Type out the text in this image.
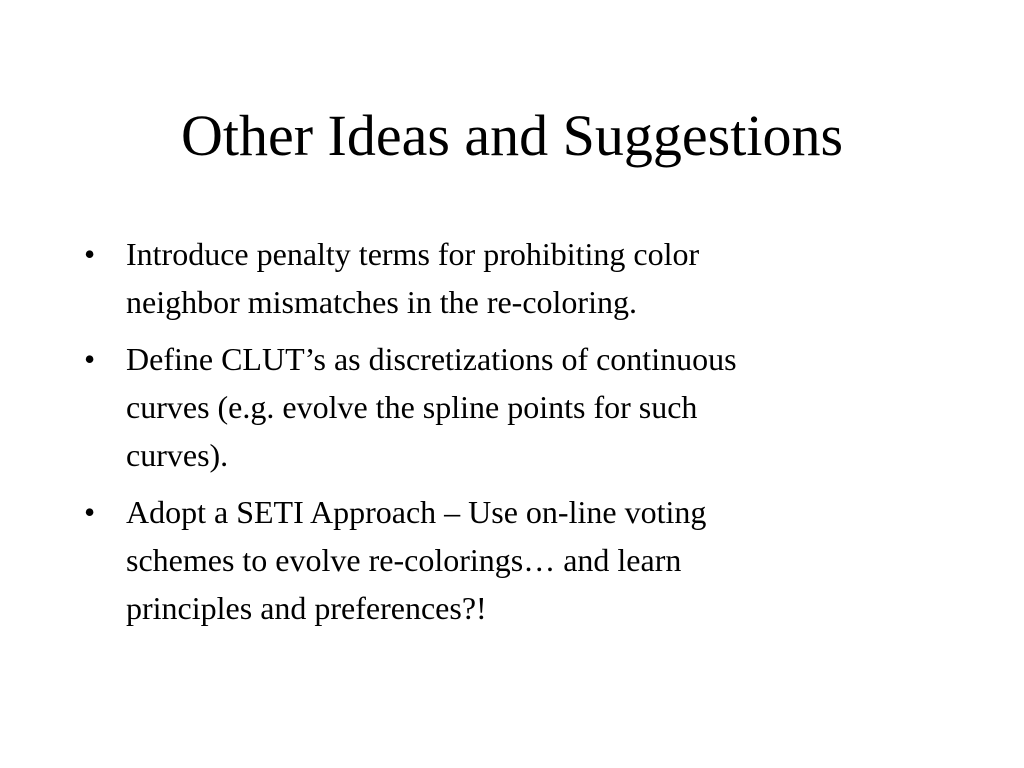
Other Ideas and Suggestions
• Introduce penalty terms for prohibiting color
neighbor mismatches in the re-coloring.
• Define CLUT’s as discretizations of continuous
curves (e.g. evolve the spline points for such
curves).
• Adopt a SETI Approach – Use on-line voting
schemes to evolve re-colorings… and learn
principles and preferences?!
